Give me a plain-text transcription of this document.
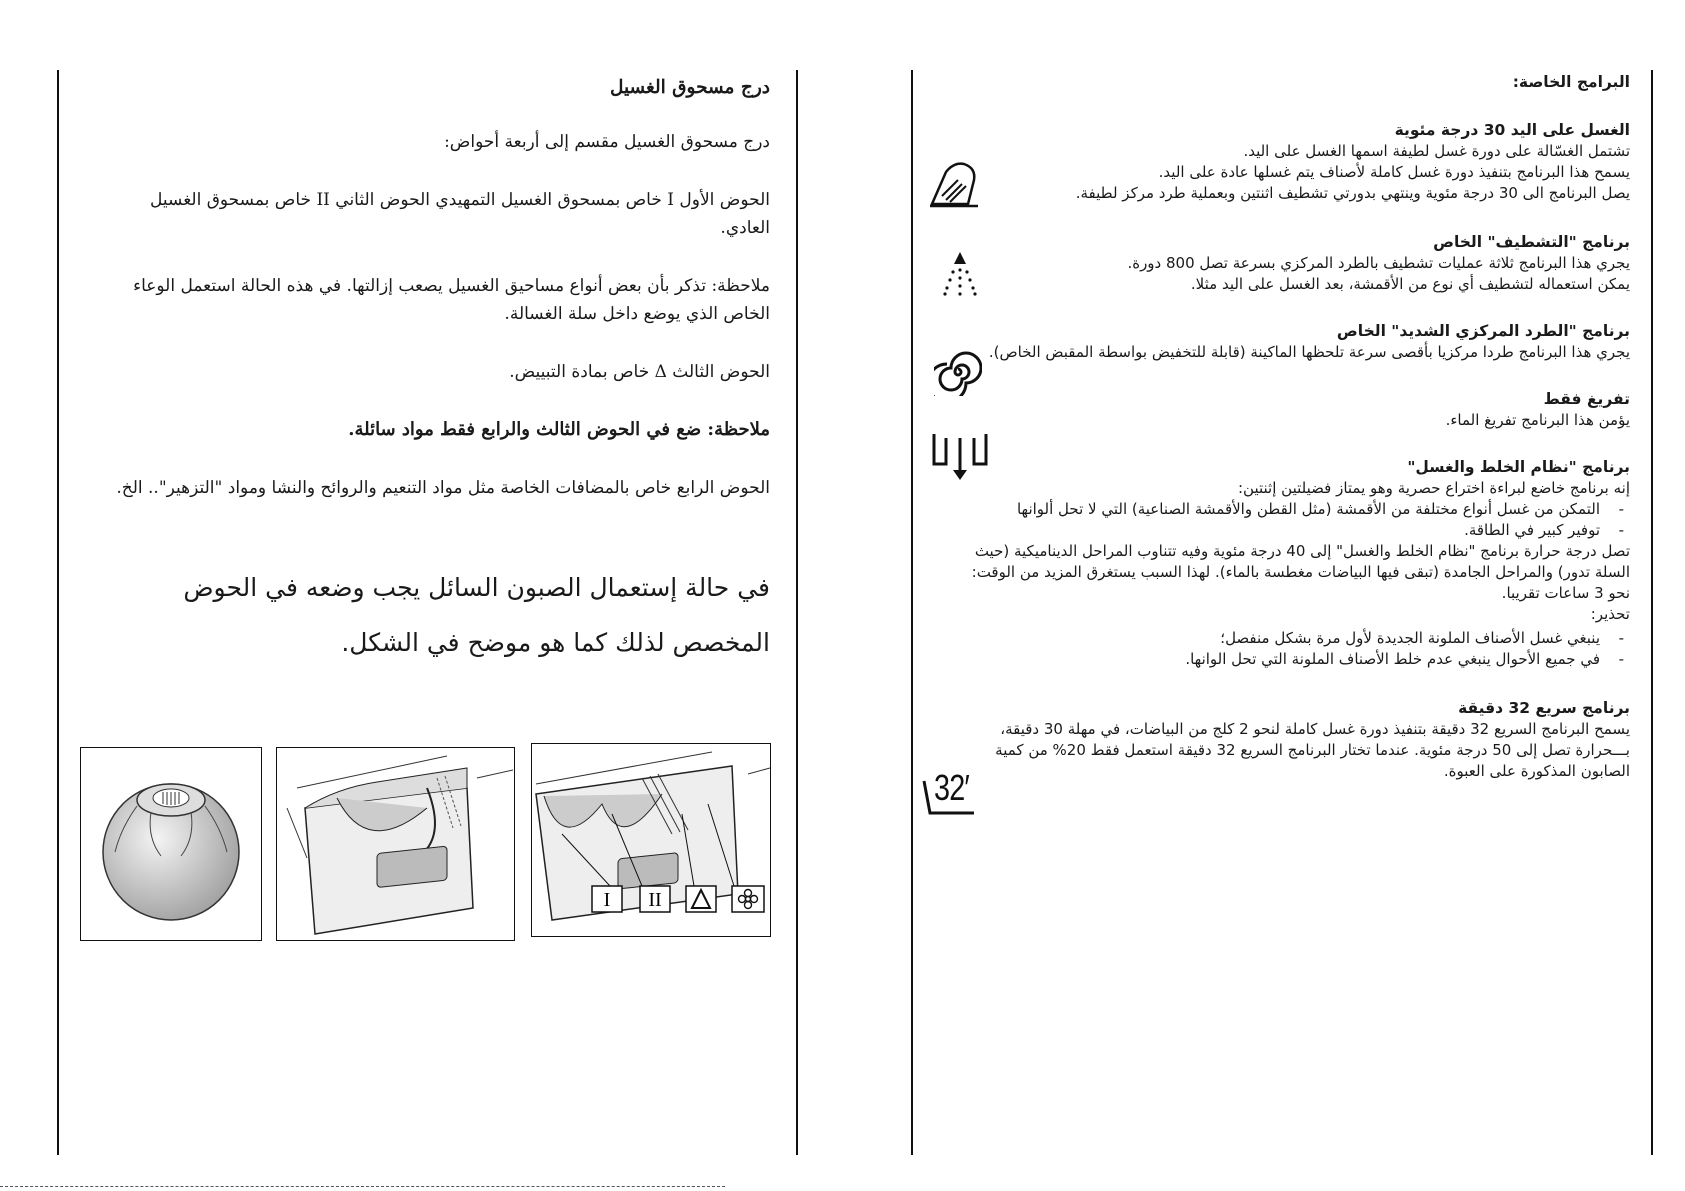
البرامج الخاصة:

الغسل على اليد 30 درجة مئوية

تشتمل الغسّالة على دورة غسل لطيفة اسمها الغسل على اليد.

يسمح هذا البرنامج بتنفيذ دورة غسل كاملة لأصناف يتم غسلها عادة على اليد.

يصل البرنامج الى 30 درجة مئوية وينتهي بدورتي تشطيف اثنتين وبعملية طرد مركز لطيفة.

برنامج "التشطيف" الخاص

يجري هذا البرنامج ثلاثة عمليات تشطيف بالطرد المركزي بسرعة تصل 800 دورة.

يمكن استعماله لتشطيف أي نوع من الأقمشة، بعد الغسل على اليد مثلا.

برنامج "الطرد المركزي الشديد" الخاص

يجري هذا البرنامج طردا مركزيا بأقصى سرعة تلحظها الماكينة (قابلة للتخفيض بواسطة المقبض الخاص).

تفريغ فقط

يؤمن هذا البرنامج تفريغ الماء.

برنامج "نظام الخلط والغسل"

إنه برنامج خاضع لبراءة اختراع حصرية وهو يمتاز فضيلتين إثنتين:

- التمكن من غسل أنواع مختلفة من الأقمشة (مثل القطن والأقمشة الصناعية) التي لا تحل ألوانها
- توفير كبير في الطاقة.

تصل درجة حرارة برنامج "نظام الخلط والغسل" إلى 40 درجة مئوية وفيه تتناوب المراحل الديناميكية (حيث السلة تدور) والمراحل الجامدة (تبقى فيها البياضات مغطسة بالماء). لهذا السبب يستغرق المزيد من الوقت: نحو 3 ساعات تقريبا.

تحذير:

- ينبغي غسل الأصناف الملونة الجديدة لأول مرة بشكل منفصل؛
- في جميع الأحوال ينبغي عدم خلط الأصناف الملونة التي تحل الوانها.

برنامج سريع 32 دقيقة

يسمح البرنامج السريع 32 دقيقة بتنفيذ دورة غسل كاملة لنحو 2 كلج من البياضات، في مهلة 30 دقيقة، بـــحرارة تصل إلى 50 درجة مئوية. عندما تختار البرنامج السريع 32 دقيقة استعمل فقط 20% من كمية الصابون المذكورة على العبوة.

32′

درج مسحوق الغسيل

درج مسحوق الغسيل مقسم إلى أربعة أحواض:

الحوض الأول I خاص بمسحوق الغسيل التمهيدي الحوض الثاني II خاص بمسحوق الغسيل العادي.

ملاحظة: تذكر بأن بعض أنواع مساحيق الغسيل يصعب إزالتها. في هذه الحالة استعمل الوعاء الخاص الذي يوضع داخل سلة الغسالة.

الحوض الثالث Δ خاص بمادة التبييض.

ملاحظة: ضع في الحوض الثالث والرابع فقط مواد سائلة.

الحوض الرابع خاص بالمضافات الخاصة مثل مواد التنعيم والروائح والنشا ومواد "التزهير".. الخ.

في حالة إستعمال الصبون السائل يجب وضعه في الحوض

المخصص لذلك كما هو موضح في الشكل.

I II
